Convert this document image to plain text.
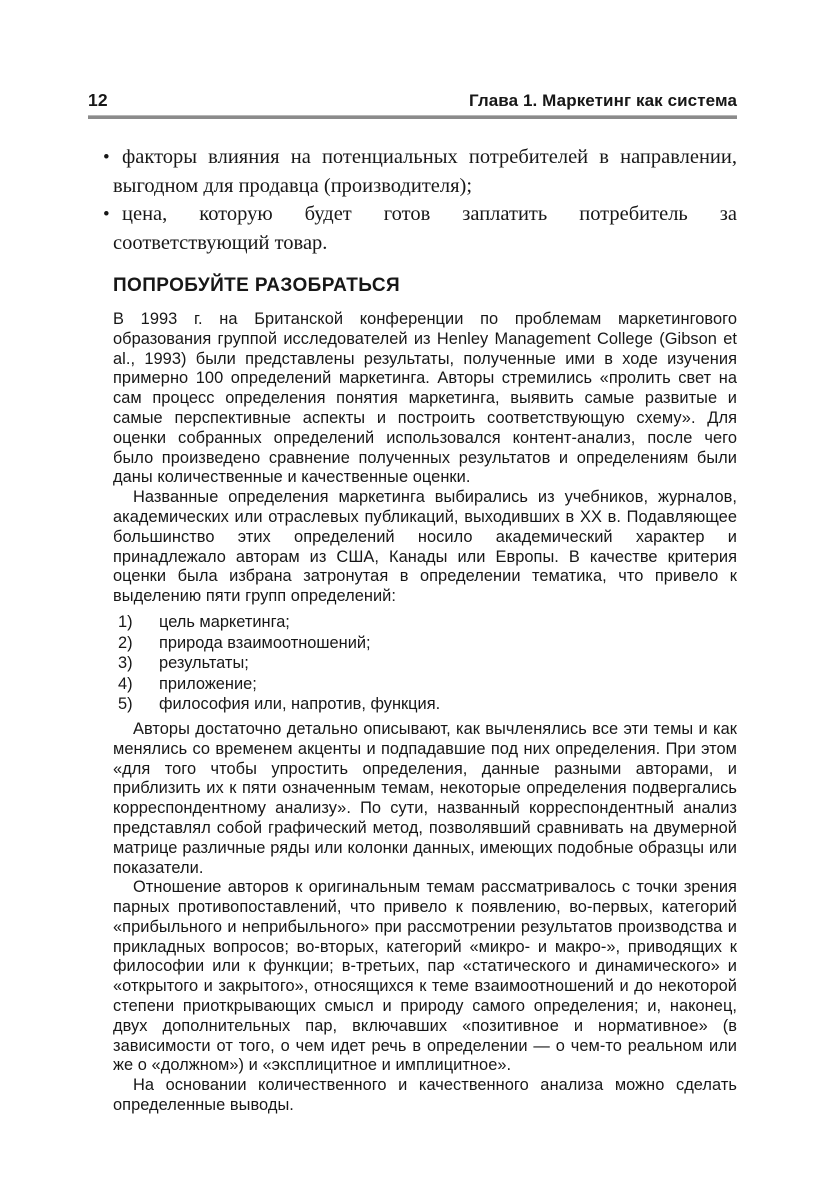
12	Глава 1. Маркетинг как система
• факторы влияния на потенциальных потребителей в направлении, выгодном для продавца (производителя);
• цена, которую будет готов заплатить потребитель за соответствующий товар.
ПОПРОБУЙТЕ РАЗОБРАТЬСЯ

В 1993 г. на Британской конференции по проблемам маркетингового образования группой исследователей из Henley Management College (Gibson et al., 1993) были представлены результаты, полученные ими в ходе изучения примерно 100 определений маркетинга. Авторы стремились «пролить свет на сам процесс определения понятия маркетинга, выявить самые развитые и самые перспективные аспекты и построить соответствующую схему». Для оценки собранных определений использовался контент-анализ, после чего было произведено сравнение полученных результатов и определениям были даны количественные и качественные оценки.

Названные определения маркетинга выбирались из учебников, журналов, академических или отраслевых публикаций, выходивших в XX в. Подавляющее большинство этих определений носило академический характер и принадлежало авторам из США, Канады или Европы. В качестве критерия оценки была избрана затронутая в определении тематика, что привело к выделению пяти групп определений:

1) цель маркетинга;
2) природа взаимоотношений;
3) результаты;
4) приложение;
5) философия или, напротив, функция.

Авторы достаточно детально описывают, как вычленялись все эти темы и как менялись со временем акценты и подпадавшие под них определения. При этом «для того чтобы упростить определения, данные разными авторами, и приблизить их к пяти означенным темам, некоторые определения подвергались корреспондентному анализу». По сути, названный корреспондентный анализ представлял собой графический метод, позволявший сравнивать на двумерной матрице различные ряды или колонки данных, имеющих подобные образцы или показатели.

Отношение авторов к оригинальным темам рассматривалось с точки зрения парных противопоставлений, что привело к появлению, во-первых, категорий «прибыльного и неприбыльного» при рассмотрении результатов производства и прикладных вопросов; во-вторых, категорий «микро- и макро-», приводящих к философии или к функции; в-третьих, пар «статического и динамического» и «открытого и закрытого», относящихся к теме взаимоотношений и до некоторой степени приоткрывающих смысл и природу самого определения; и, наконец, двух дополнительных пар, включавших «позитивное и нормативное» (в зависимости от того, о чем идет речь в определении — о чем-то реальном или же о «должном») и «эксплицитное и имплицитное».

На основании количественного и качественного анализа можно сделать определенные выводы.
